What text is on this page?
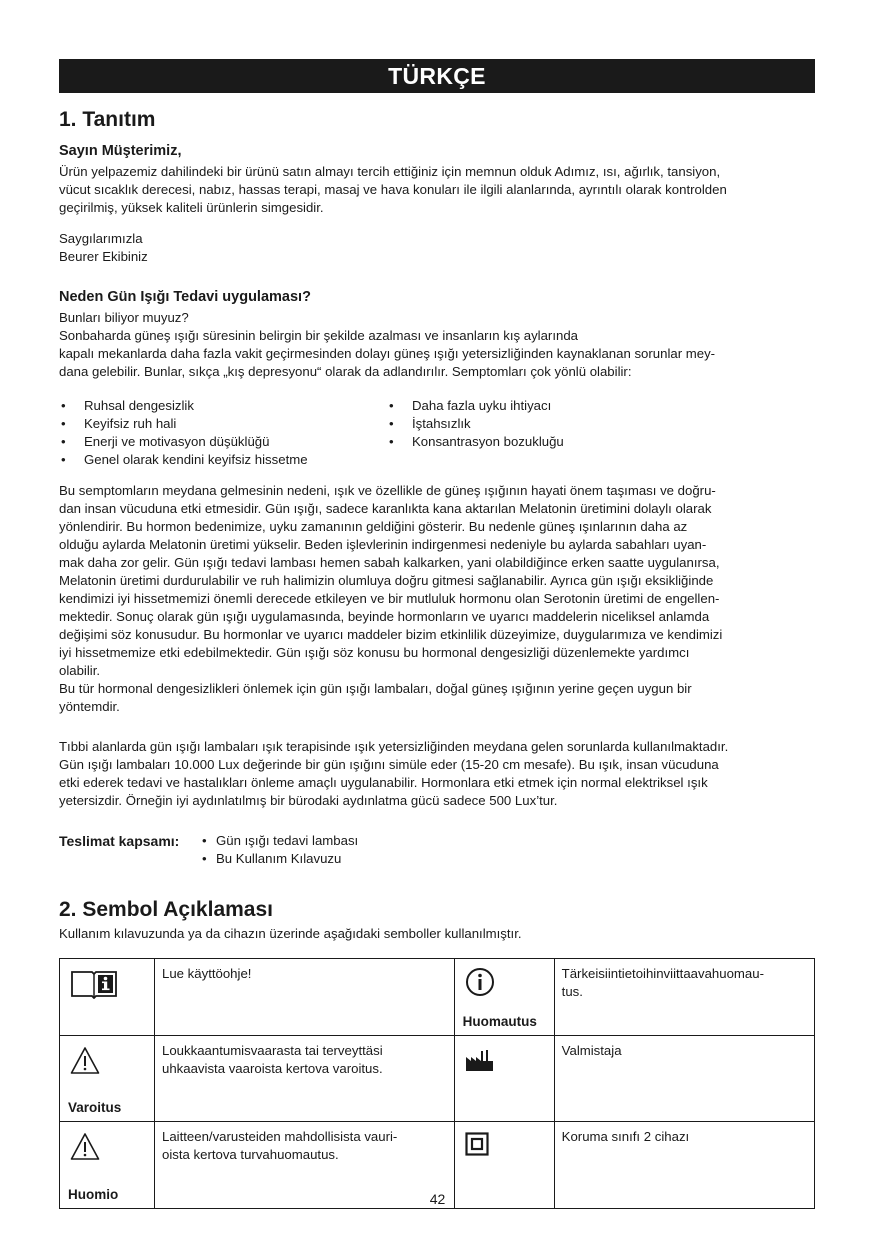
TÜRKÇE
1. Tanıtım
Sayın Müşterimiz,
Ürün yelpazemiz dahilindeki bir ürünü satın almayı tercih ettiğiniz için memnun olduk Adımız, ısı, ağırlık, tansiyon,
vücut sıcaklık derecesi, nabız, hassas terapi, masaj ve hava konuları ile ilgili alanlarında, ayrıntılı olarak kontrolden
geçirilmiş, yüksek kaliteli ürünlerin simgesidir.
Saygılarımızla
Beurer Ekibiniz
Neden Gün Işığı Tedavi uygulaması?
Bunları biliyor muyuz?
Sonbaharda güneş ışığı süresinin belirgin bir şekilde azalması ve insanların kış aylarında
kapalı mekanlarda daha fazla vakit geçirmesinden dolayı güneş ışığı yetersizliğinden kaynaklanan sorunlar mey-
dana gelebilir. Bunlar, sıkça „kış depresyonu“ olarak da adlandırılır. Semptomları çok yönlü olabilir:
• Ruhsal dengesizlik
• Keyifsiz ruh hali
• Enerji ve motivasyon düşüklüğü
• Genel olarak kendini keyifsiz hissetme
• Daha fazla uyku ihtiyacı
• İştahsızlık
• Konsantrasyon bozukluğu
Bu semptomların meydana gelmesinin nedeni, ışık ve özellikle de güneş ışığının hayati önem taşıması ve doğru-
dan insan vücuduna etki etmesidir. Gün ışığı, sadece karanlıkta kana aktarılan Melatonin üretimini dolaylı olarak
yönlendirir. Bu hormon bedenimize, uyku zamanının geldiğini gösterir. Bu nedenle güneş ışınlarının daha az
olduğu aylarda Melatonin üretimi yükselir. Beden işlevlerinin indirgenmesi nedeniyle bu aylarda sabahları uyan-
mak daha zor gelir. Gün ışığı tedavi lambası hemen sabah kalkarken, yani olabildiğince erken saatte uygulanırsa,
Melatonin üretimi durdurulabilir ve ruh halimizin olumluya doğru gitmesi sağlanabilir. Ayrıca gün ışığı eksikliğinde
kendimizi iyi hissetmemizi önemli derecede etkileyen ve bir mutluluk hormonu olan Serotonin üretimi de engellen-
mektedir. Sonuç olarak gün ışığı uygulamasında, beyinde hormonların ve uyarıcı maddelerin niceliksel anlamda
değişimi söz konusudur. Bu hormonlar ve uyarıcı maddeler bizim etkinlilik düzeyimize, duygularımıza ve kendimizi
iyi hissetmemize etki edebilmektedir. Gün ışığı söz konusu bu hormonal dengesizliği düzenlemekte yardımcı
olabilir.
Bu tür hormonal dengesizlikleri önlemek için gün ışığı lambaları, doğal güneş ışığının yerine geçen uygun bir
yöntemdir.
Tıbbi alanlarda gün ışığı lambaları ışık terapisinde ışık yetersizliğinden meydana gelen sorunlarda kullanılmaktadır.
Gün ışığı lambaları 10.000 Lux değerinde bir gün ışığını simüle eder (15-20 cm mesafe). Bu ışık, insan vücuduna
etki ederek tedavi ve hastalıkları önleme amaçlı uygulanabilir. Hormonlara etki etmek için normal elektriksel ışık
yetersizdir. Örneğin iyi aydınlatılmış bir bürodaki aydınlatma gücü sadece 500 Lux’tur.
Teslimat kapsamı:	• Gün ışığı tedavi lambası
• Bu Kullanım Kılavuzu
2. Sembol Açıklaması
Kullanım kılavuzunda ya da cihazın üzerinde aşağıdaki semboller kullanılmıştır.

Lue käyttöohje!	Huomautus	Tärkeisiintietoihinviittaavahuomau-
tus.

Varoitus	Loukkaantumisvaarasta tai terveyttäsi
uhkaavista vaaroista kertova varoitus.		Valmistaja

Huomio	Laitteen/varusteiden mahdollisista vauri-
oista kertova turvahuomautus.		Koruma sınıfı 2 cihazı
42
